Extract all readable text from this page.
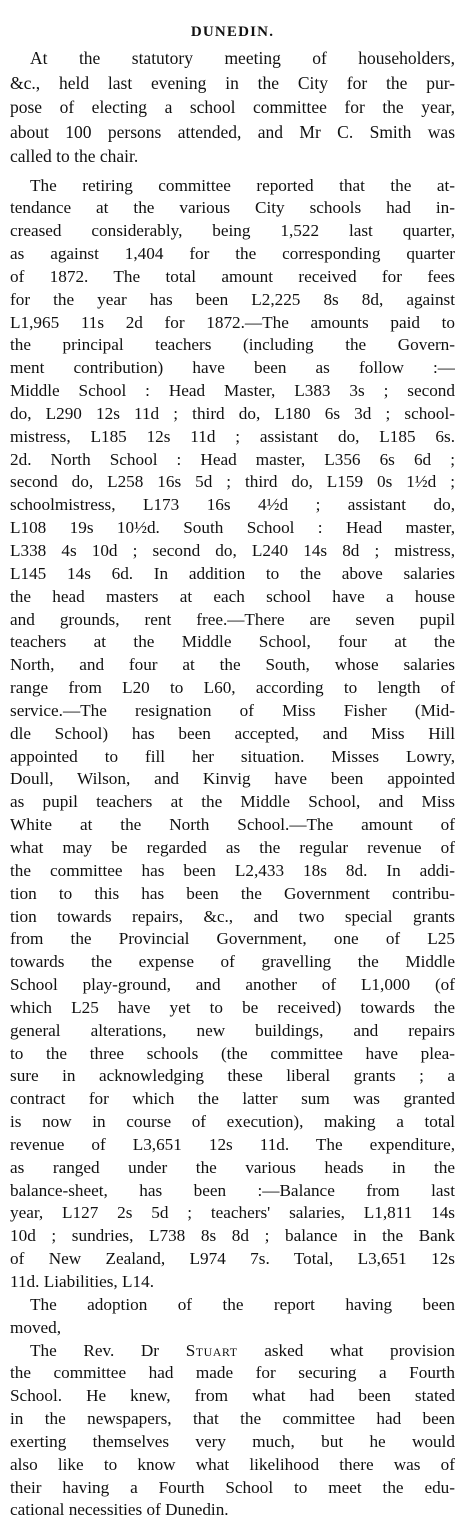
DUNEDIN.
At the statutory meeting of householders,
&c., held last evening in the City for the pur-
pose of electing a school committee for the year,
about 100 persons attended, and Mr C. Smith was
called to the chair.
The retiring committee reported that the at-
tendance at the various City schools had in-
creased considerably, being 1,522 last quarter,
as against 1,404 for the corresponding quarter
of 1872. The total amount received for fees
for the year has been L2,225 8s 8d, against
L1,965 11s 2d for 1872.—The amounts paid to
the principal teachers (including the Govern-
ment contribution) have been as follow :—
Middle School : Head Master, L383 3s ; second
do, L290 12s 11d ; third do, L180 6s 3d ; school-
mistress, L185 12s 11d ; assistant do, L185 6s.
2d. North School : Head master, L356 6s 6d ;
second do, L258 16s 5d ; third do, L159 0s 1½d ;
schoolmistress, L173 16s 4½d ; assistant do,
L108 19s 10½d. South School : Head master,
L338 4s 10d ; second do, L240 14s 8d ; mistress,
L145 14s 6d. In addition to the above salaries
the head masters at each school have a house
and grounds, rent free.—There are seven pupil
teachers at the Middle School, four at the
North, and four at the South, whose salaries
range from L20 to L60, according to length of
service.—The resignation of Miss Fisher (Mid-
dle School) has been accepted, and Miss Hill
appointed to fill her situation. Misses Lowry,
Doull, Wilson, and Kinvig have been appointed
as pupil teachers at the Middle School, and Miss
White at the North School.—The amount of
what may be regarded as the regular revenue of
the committee has been L2,433 18s 8d. In addi-
tion to this has been the Government contribu-
tion towards repairs, &c., and two special grants
from the Provincial Government, one of L25
towards the expense of gravelling the Middle
School play-ground, and another of L1,000 (of
which L25 have yet to be received) towards the
general alterations, new buildings, and repairs
to the three schools (the committee have plea-
sure in acknowledging these liberal grants ; a
contract for which the latter sum was granted
is now in course of execution), making a total
revenue of L3,651 12s 11d. The expenditure,
as ranged under the various heads in the
balance-sheet, has been :—Balance from last
year, L127 2s 5d ; teachers' salaries, L1,811 14s
10d ; sundries, L738 8s 8d ; balance in the Bank
of New Zealand, L974 7s. Total, L3,651 12s
11d. Liabilities, L14.
The adoption of the report having been
moved,
The Rev. Dr Stuart asked what provision
the committee had made for securing a Fourth
School. He knew, from what had been stated
in the newspapers, that the committee had been
exerting themselves very much, but he would
also like to know what likelihood there was of
their having a Fourth School to meet the edu-
cational necessities of Dunedin.
